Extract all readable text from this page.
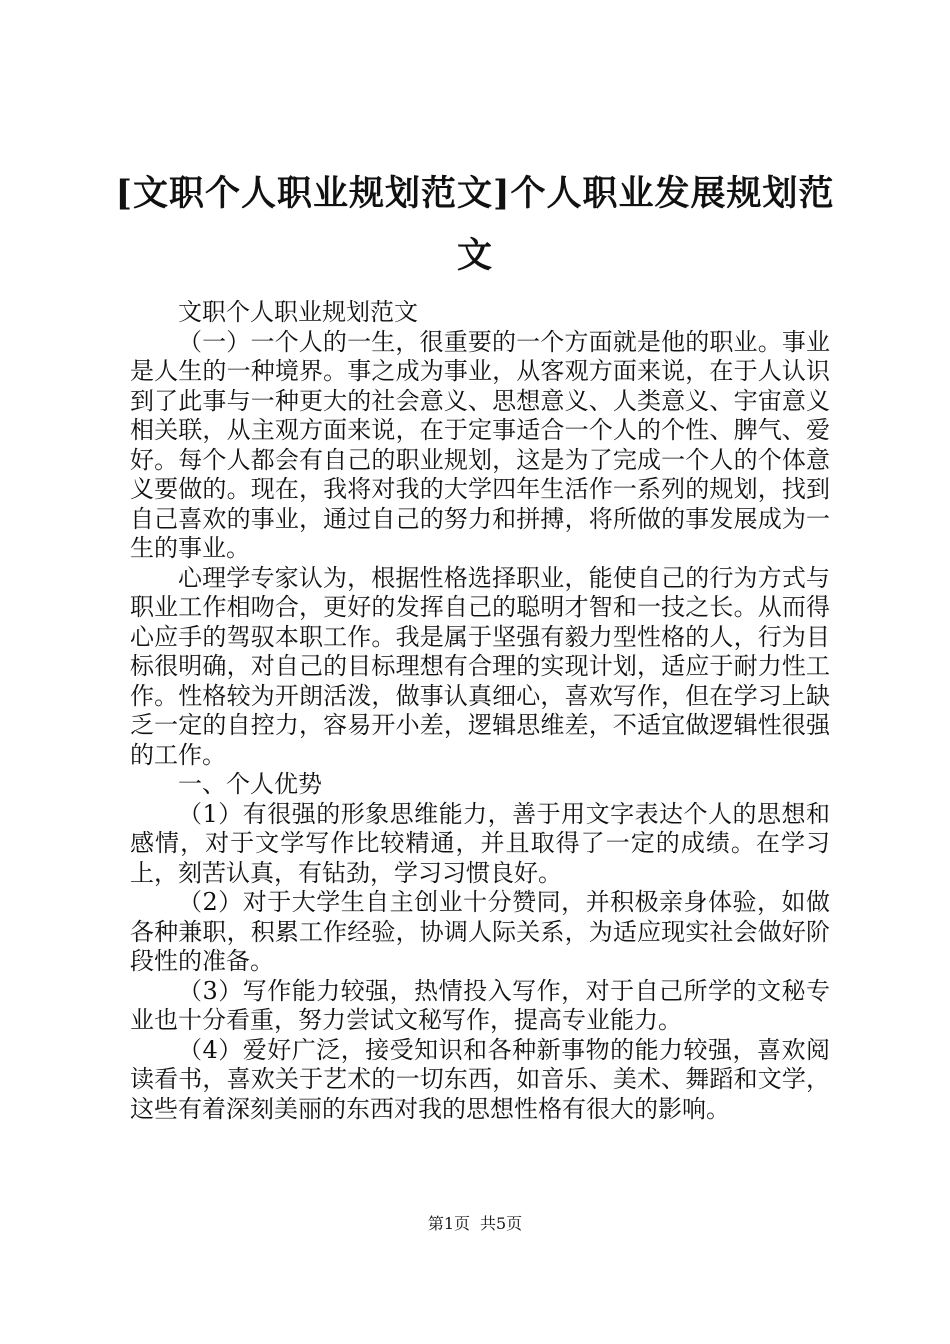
[文职个人职业规划范文]个人职业发展规划范文

文职个人职业规划范文

（一）一个人的一生，很重要的一个方面就是他的职业。事业是人生的一种境界。事之成为事业，从客观方面来说，在于人认识到了此事与一种更大的社会意义、思想意义、人类意义、宇宙意义相关联，从主观方面来说，在于定事适合一个人的个性、脾气、爱好。每个人都会有自己的职业规划，这是为了完成一个人的个体意义要做的。现在，我将对我的大学四年生活作一系列的规划，找到自己喜欢的事业，通过自己的努力和拼搏，将所做的事发展成为一生的事业。

心理学专家认为，根据性格选择职业，能使自己的行为方式与职业工作相吻合，更好的发挥自己的聪明才智和一技之长。从而得心应手的驾驭本职工作。我是属于坚强有毅力型性格的人，行为目标很明确，对自己的目标理想有合理的实现计划，适应于耐力性工作。性格较为开朗活泼，做事认真细心，喜欢写作，但在学习上缺乏一定的自控力，容易开小差，逻辑思维差，不适宜做逻辑性很强的工作。

一、个人优势

（1）有很强的形象思维能力，善于用文字表达个人的思想和感情，对于文学写作比较精通，并且取得了一定的成绩。在学习上，刻苦认真，有钻劲，学习习惯良好。

（2）对于大学生自主创业十分赞同，并积极亲身体验，如做各种兼职，积累工作经验，协调人际关系，为适应现实社会做好阶段性的准备。

（3）写作能力较强，热情投入写作，对于自己所学的文秘专业也十分看重，努力尝试文秘写作，提高专业能力。

（4）爱好广泛，接受知识和各种新事物的能力较强，喜欢阅读看书，喜欢关于艺术的一切东西，如音乐、美术、舞蹈和文学，这些有着深刻美丽的东西对我的思想性格有很大的影响。

第1页 共5页
